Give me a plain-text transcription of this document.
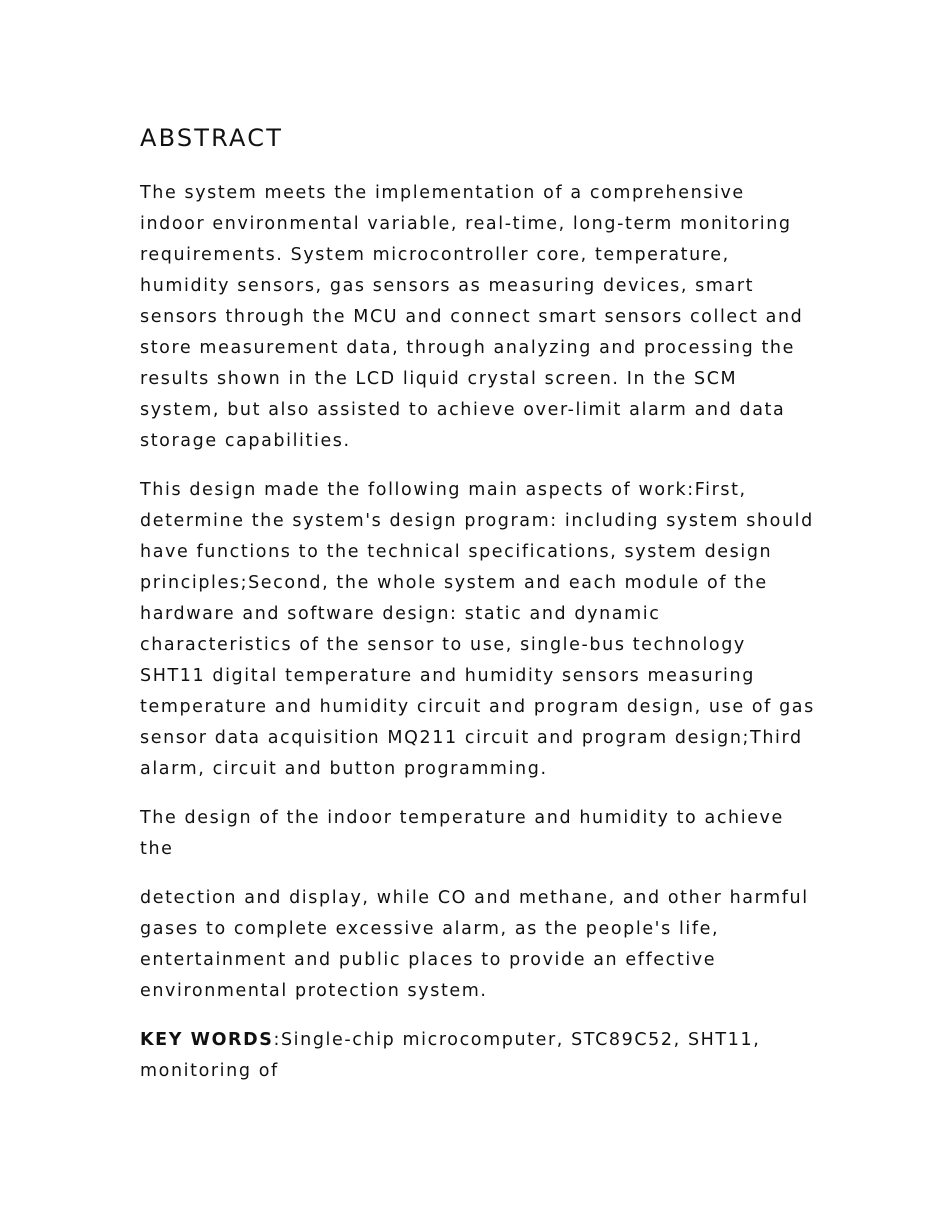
ABSTRACT

The system meets the implementation of a comprehensive indoor environmental variable, real-time, long-term monitoring requirements. System microcontroller core, temperature, humidity sensors, gas sensors as measuring devices, smart sensors through the MCU and connect smart sensors collect and store measurement data, through analyzing and processing the results shown in the LCD liquid crystal screen. In the SCM system, but also assisted to achieve over-limit alarm and data storage capabilities.

This design made the following main aspects of work:First, determine the system's design program: including system should have functions to the technical specifications, system design principles;Second, the whole system and each module of the hardware and software design: static and dynamic characteristics of the sensor to use, single-bus technology SHT11 digital temperature and humidity sensors measuring temperature and humidity circuit and program design, use of gas sensor data acquisition MQ211 circuit and program design;Third alarm, circuit and button programming.

The design of the indoor temperature and humidity to achieve the

detection and display, while CO and methane, and other harmful gases to complete excessive alarm, as the people's life, entertainment and public places to provide an effective environmental protection system.

KEY WORDS:Single-chip microcomputer, STC89C52, SHT11, monitoring of
